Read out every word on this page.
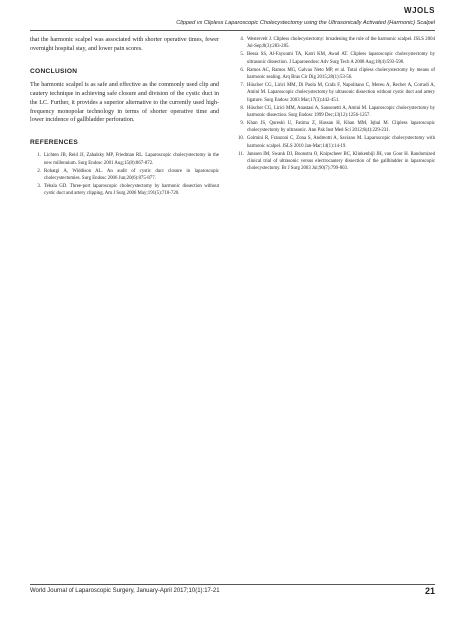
WJOLS
Clipped vs Clipless Laparoscopic Cholecystectomy using the Ultrasonically Activated (Harmonic) Scalpel

that the harmonic scalpel was associated with shorter operative times, fewer overnight hospital stay, and lower pain scores.

CONCLUSION

The harmonic scalpel is as safe and effective as the commonly used clip and cautery technique in achieving safe closure and division of the cystic duct in the LC. Further, it provides a superior alternative to the currently used high-frequency monopolar technology in terms of shorter operative time and lower incidence of gallbladder perforation.

REFERENCES
1. Lichten JB, Reid JJ, Zahalsky MP, Friedman RL. Laparoscopic cholecystectomy in the new millennium. Surg Endosc 2001 Aug;15(8):867-872.
2. Rohatgi A, Widdison AL. An audit of cystic duct closure in laparoscopic cholecystectomies. Surg Endosc 2006 Jun;20(6):875-877.
3. Tebala GD. Three-port laparoscopic cholecystectomy by harmonic dissection without cystic duct and artery clipping. Am J Surg 2006 May;191(5):718-720.
4. Westervelt J. Clipless cholecystectomy: broadening the role of the harmonic scalpel. JSLS 2004 Jul-Sep;8(3):283-285.
5. Bessa SS, Al-Fayoumi TA, Katri KM, Awad AT. Clipless laparoscopic cholecystectomy by ultrasonic dissection. J Laparoendosc Adv Surg Tech A 2008 Aug;18(4):593-598.
6. Ramos AC, Ramos MG, Galvao Neto MP, et al. Total clipless cholecystectomy by means of harmonic sealing. Arq Bras Cir Dig 2015;28(1):53-56.
7. Hüscher CG, Lirici MM, Di Paola M, Crafa F, Napolitano C, Mereu A, Recher A, Corradi A, Amini M. Laparoscopic cholecystectomy by ultrasonic dissection without cystic duct and artery ligature. Surg Endosc 2003 Mar;17(3):442-451.
8. Hüscher CG, Lirici MM, Anastasi A, Sansonetti A, Amini M. Laparoscopic cholecystectomy by harmonic dissection. Surg Endosc 1999 Dec;13(12):1256-1257.
9. Khan JS, Qureshi U, Fatima Z, Hassan H, Khan MM, Iqbal M. Clipless laparoscopic cholecystectomy by ultrasonic. Ann Pak Inst Med Sci 2012;8(4):229-231.
10. Golmini R, Franzoni C, Zona S, Andreotti A, Saviano M. Laparoscopic cholecystectomy with harmonic scalpel. JSLS 2010 Jan-Mar;14(1):14-19.
11. Janssen IM, Swank DJ, Boonstra O, Knipscheer BC, Klinkenbijl JH, van Goor H. Randomized clinical trial of ultrasonic versus electrocautery dissection of the gallbladder in laparoscopic cholecystectomy. Br J Surg 2003 Jul;90(7):799-803.
World Journal of Laparoscopic Surgery, January-April 2017;10(1):17-21	21
